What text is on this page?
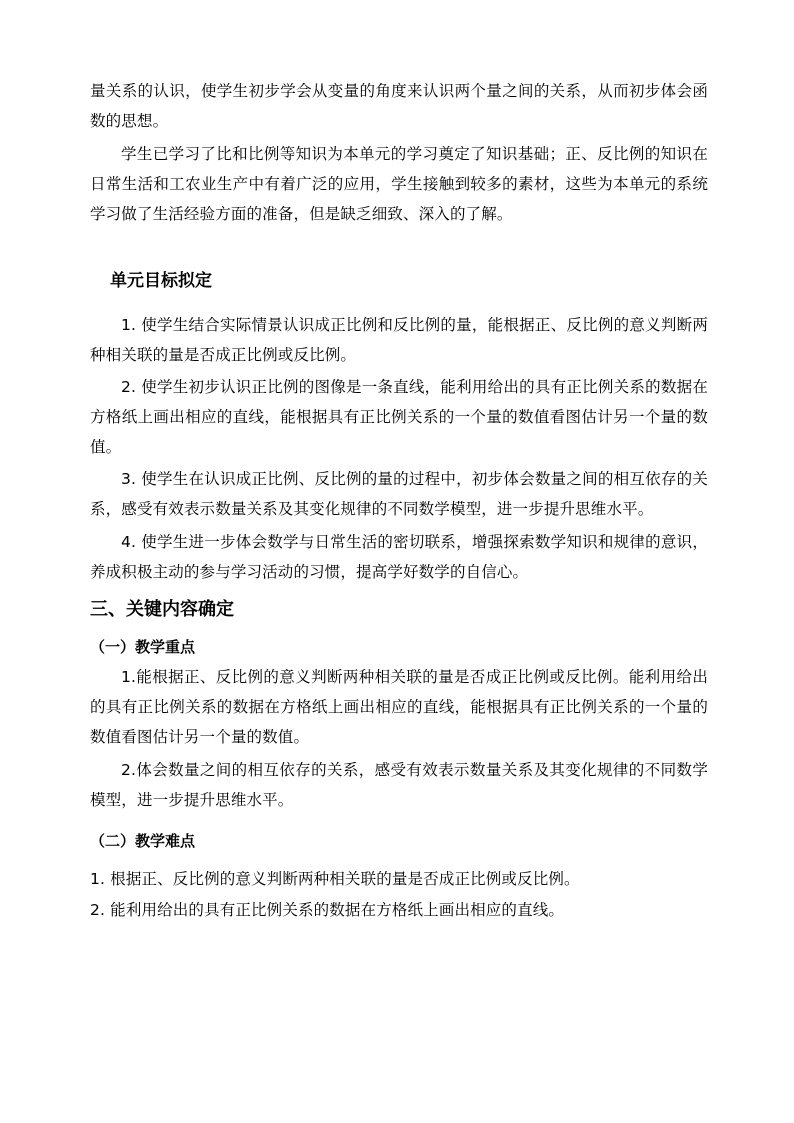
量关系的认识，使学生初步学会从变量的角度来认识两个量之间的关系，从而初步体会函数的思想。

学生已学习了比和比例等知识为本单元的学习奠定了知识基础；正、反比例的知识在日常生活和工农业生产中有着广泛的应用，学生接触到较多的素材，这些为本单元的系统学习做了生活经验方面的准备，但是缺乏细致、深入的了解。

单元目标拟定

1. 使学生结合实际情景认识成正比例和反比例的量，能根据正、反比例的意义判断两种相关联的量是否成正比例或反比例。

2. 使学生初步认识正比例的图像是一条直线，能利用给出的具有正比例关系的数据在方格纸上画出相应的直线，能根据具有正比例关系的一个量的数值看图估计另一个量的数值。

3. 使学生在认识成正比例、反比例的量的过程中，初步体会数量之间的相互依存的关系，感受有效表示数量关系及其变化规律的不同数学模型，进一步提升思维水平。

4. 使学生进一步体会数学与日常生活的密切联系，增强探索数学知识和规律的意识，养成积极主动的参与学习活动的习惯，提高学好数学的自信心。

三、关键内容确定
（一）教学重点

1.能根据正、反比例的意义判断两种相关联的量是否成正比例或反比例。能利用给出的具有正比例关系的数据在方格纸上画出相应的直线，能根据具有正比例关系的一个量的数值看图估计另一个量的数值。

2.体会数量之间的相互依存的关系，感受有效表示数量关系及其变化规律的不同数学模型，进一步提升思维水平。

（二）教学难点

1. 根据正、反比例的意义判断两种相关联的量是否成正比例或反比例。

2. 能利用给出的具有正比例关系的数据在方格纸上画出相应的直线。
